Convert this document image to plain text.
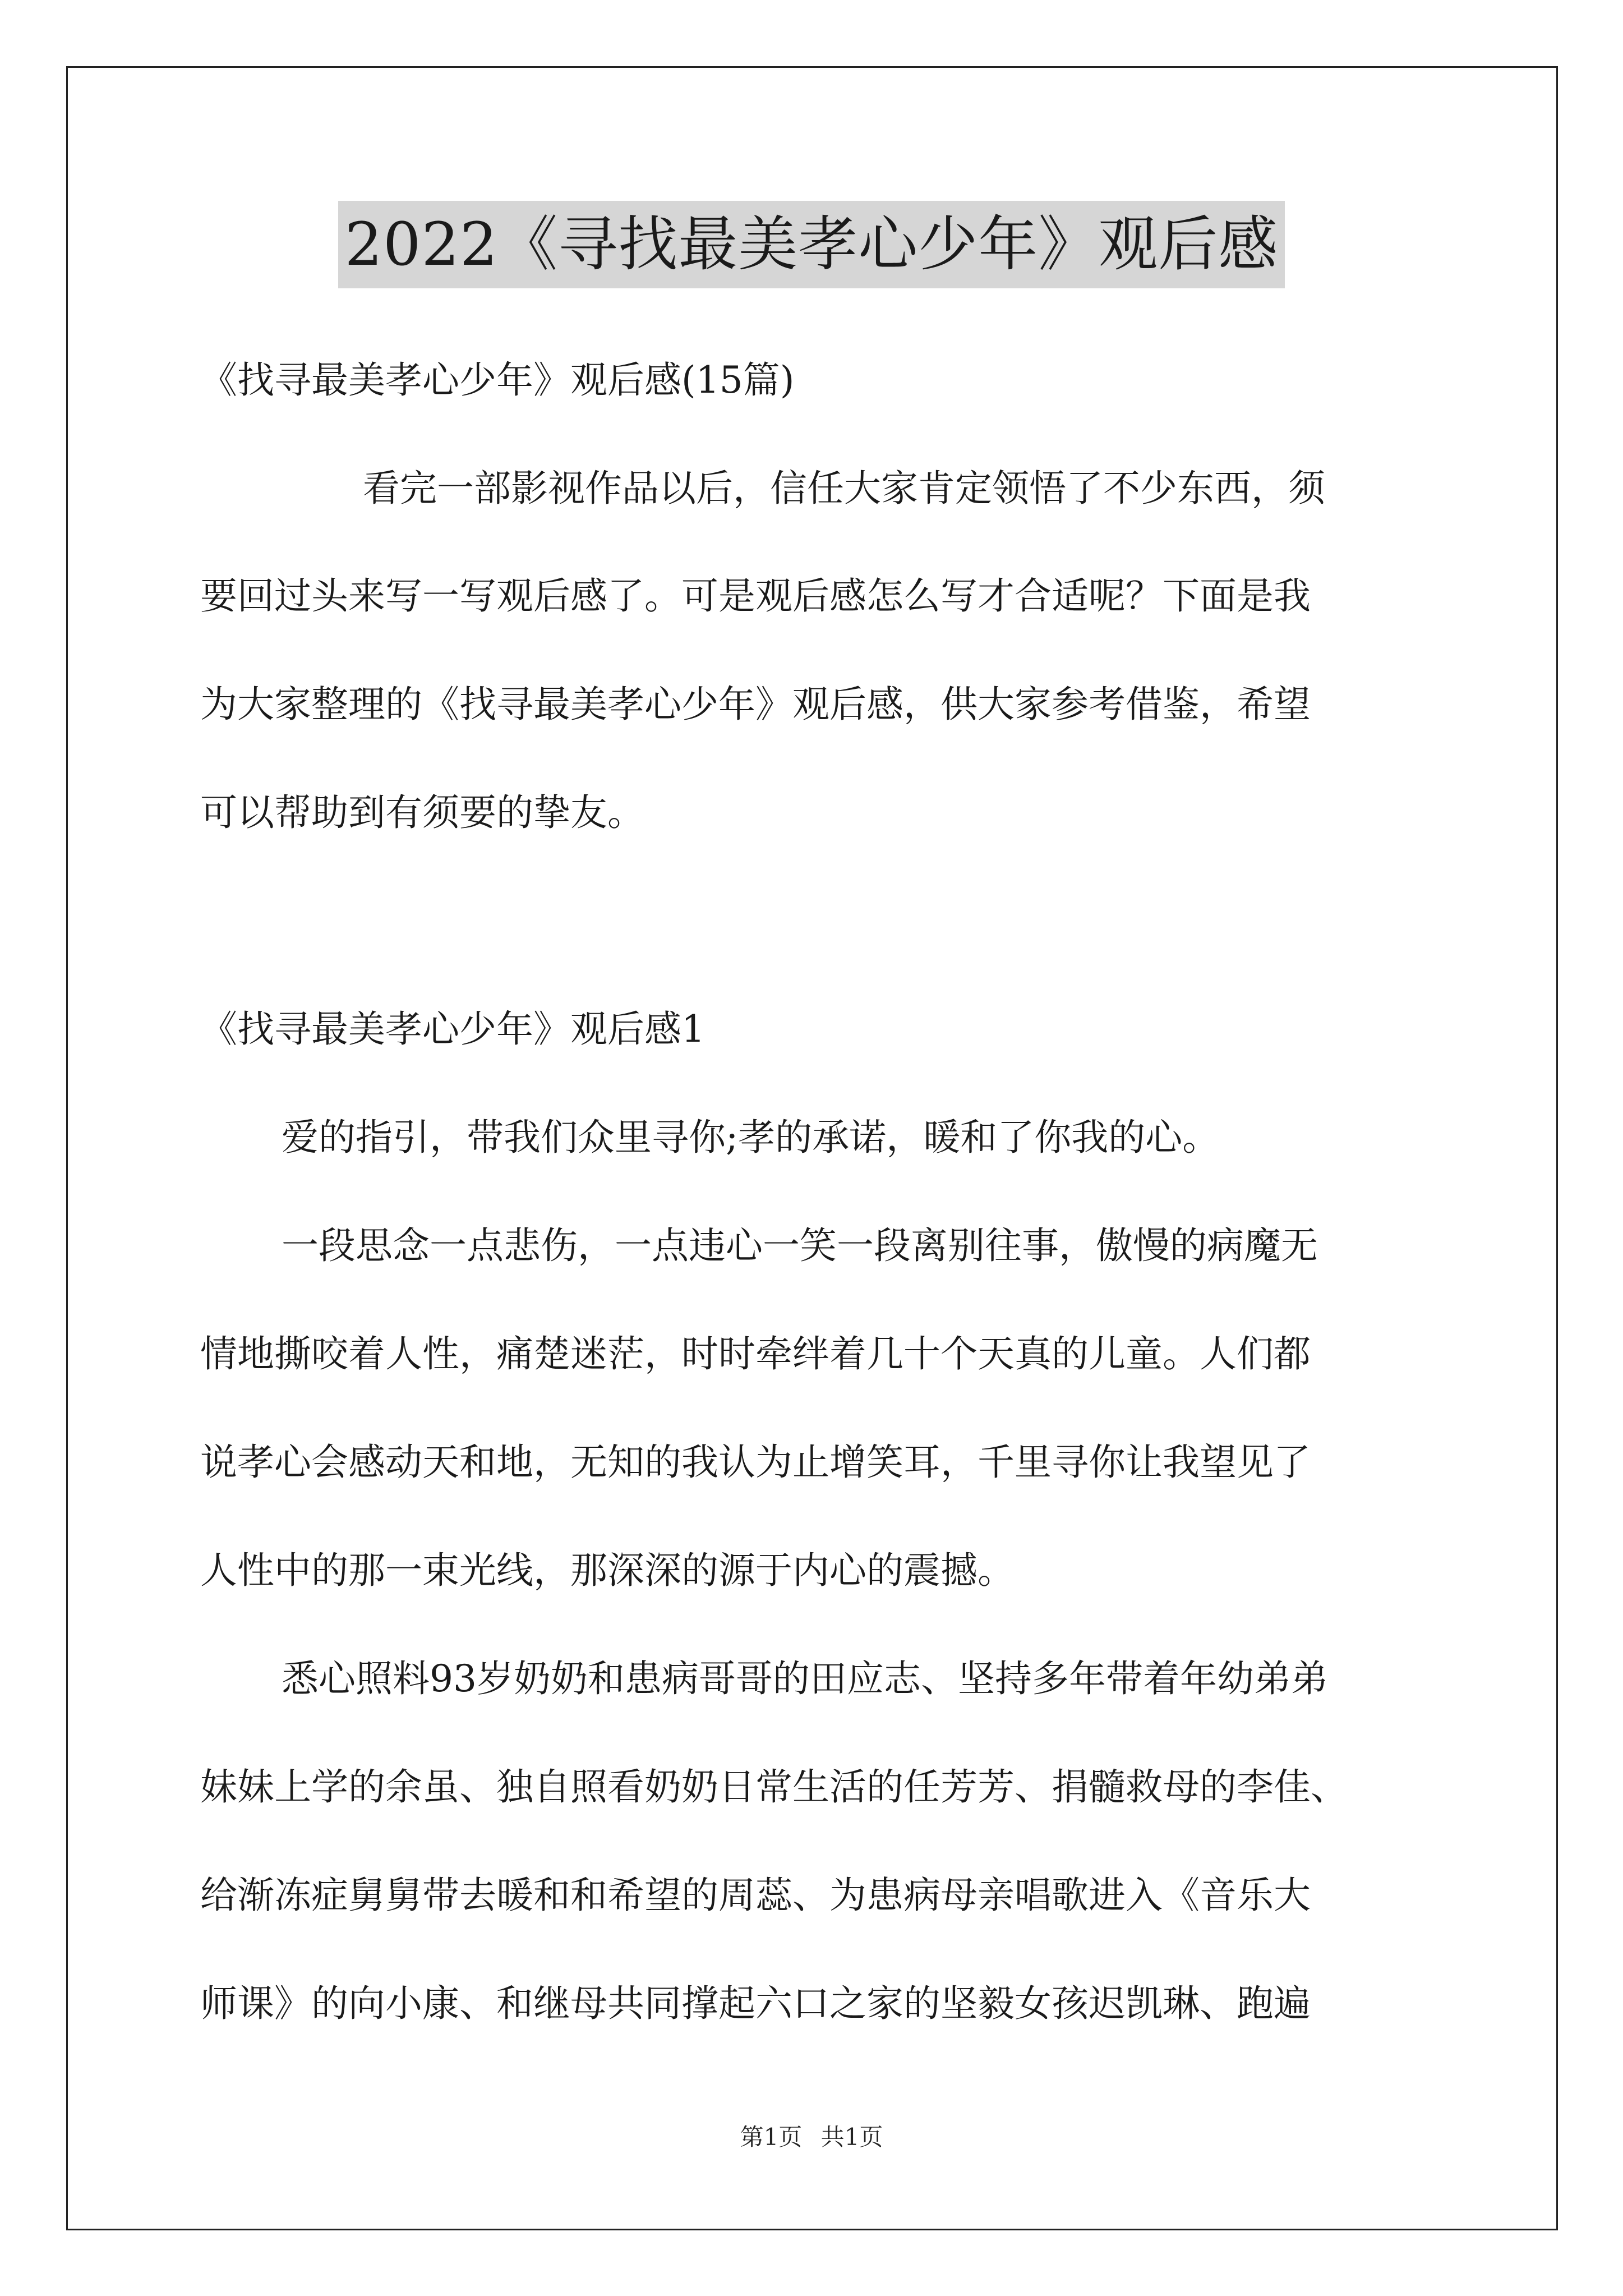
2022《寻找最美孝心少年》观后感
《找寻最美孝心少年》观后感(15篇)
看完一部影视作品以后，信任大家肯定领悟了不少东西，须
要回过头来写一写观后感了。可是观后感怎么写才合适呢？下面是我
为大家整理的《找寻最美孝心少年》观后感，供大家参考借鉴，希望
可以帮助到有须要的挚友。
《找寻最美孝心少年》观后感1
爱的指引，带我们众里寻你;孝的承诺，暖和了你我的心。
一段思念一点悲伤，一点违心一笑一段离别往事，傲慢的病魔无
情地撕咬着人性，痛楚迷茫，时时牵绊着几十个天真的儿童。人们都
说孝心会感动天和地，无知的我认为止增笑耳，千里寻你让我望见了
人性中的那一束光线，那深深的源于内心的震撼。
悉心照料93岁奶奶和患病哥哥的田应志、坚持多年带着年幼弟弟
妹妹上学的余虽、独自照看奶奶日常生活的任芳芳、捐髓救母的李佳、
给渐冻症舅舅带去暖和和希望的周蕊、为患病母亲唱歌进入《音乐大
师课》的向小康、和继母共同撑起六口之家的坚毅女孩迟凯琳、跑遍
第1页 共1页
